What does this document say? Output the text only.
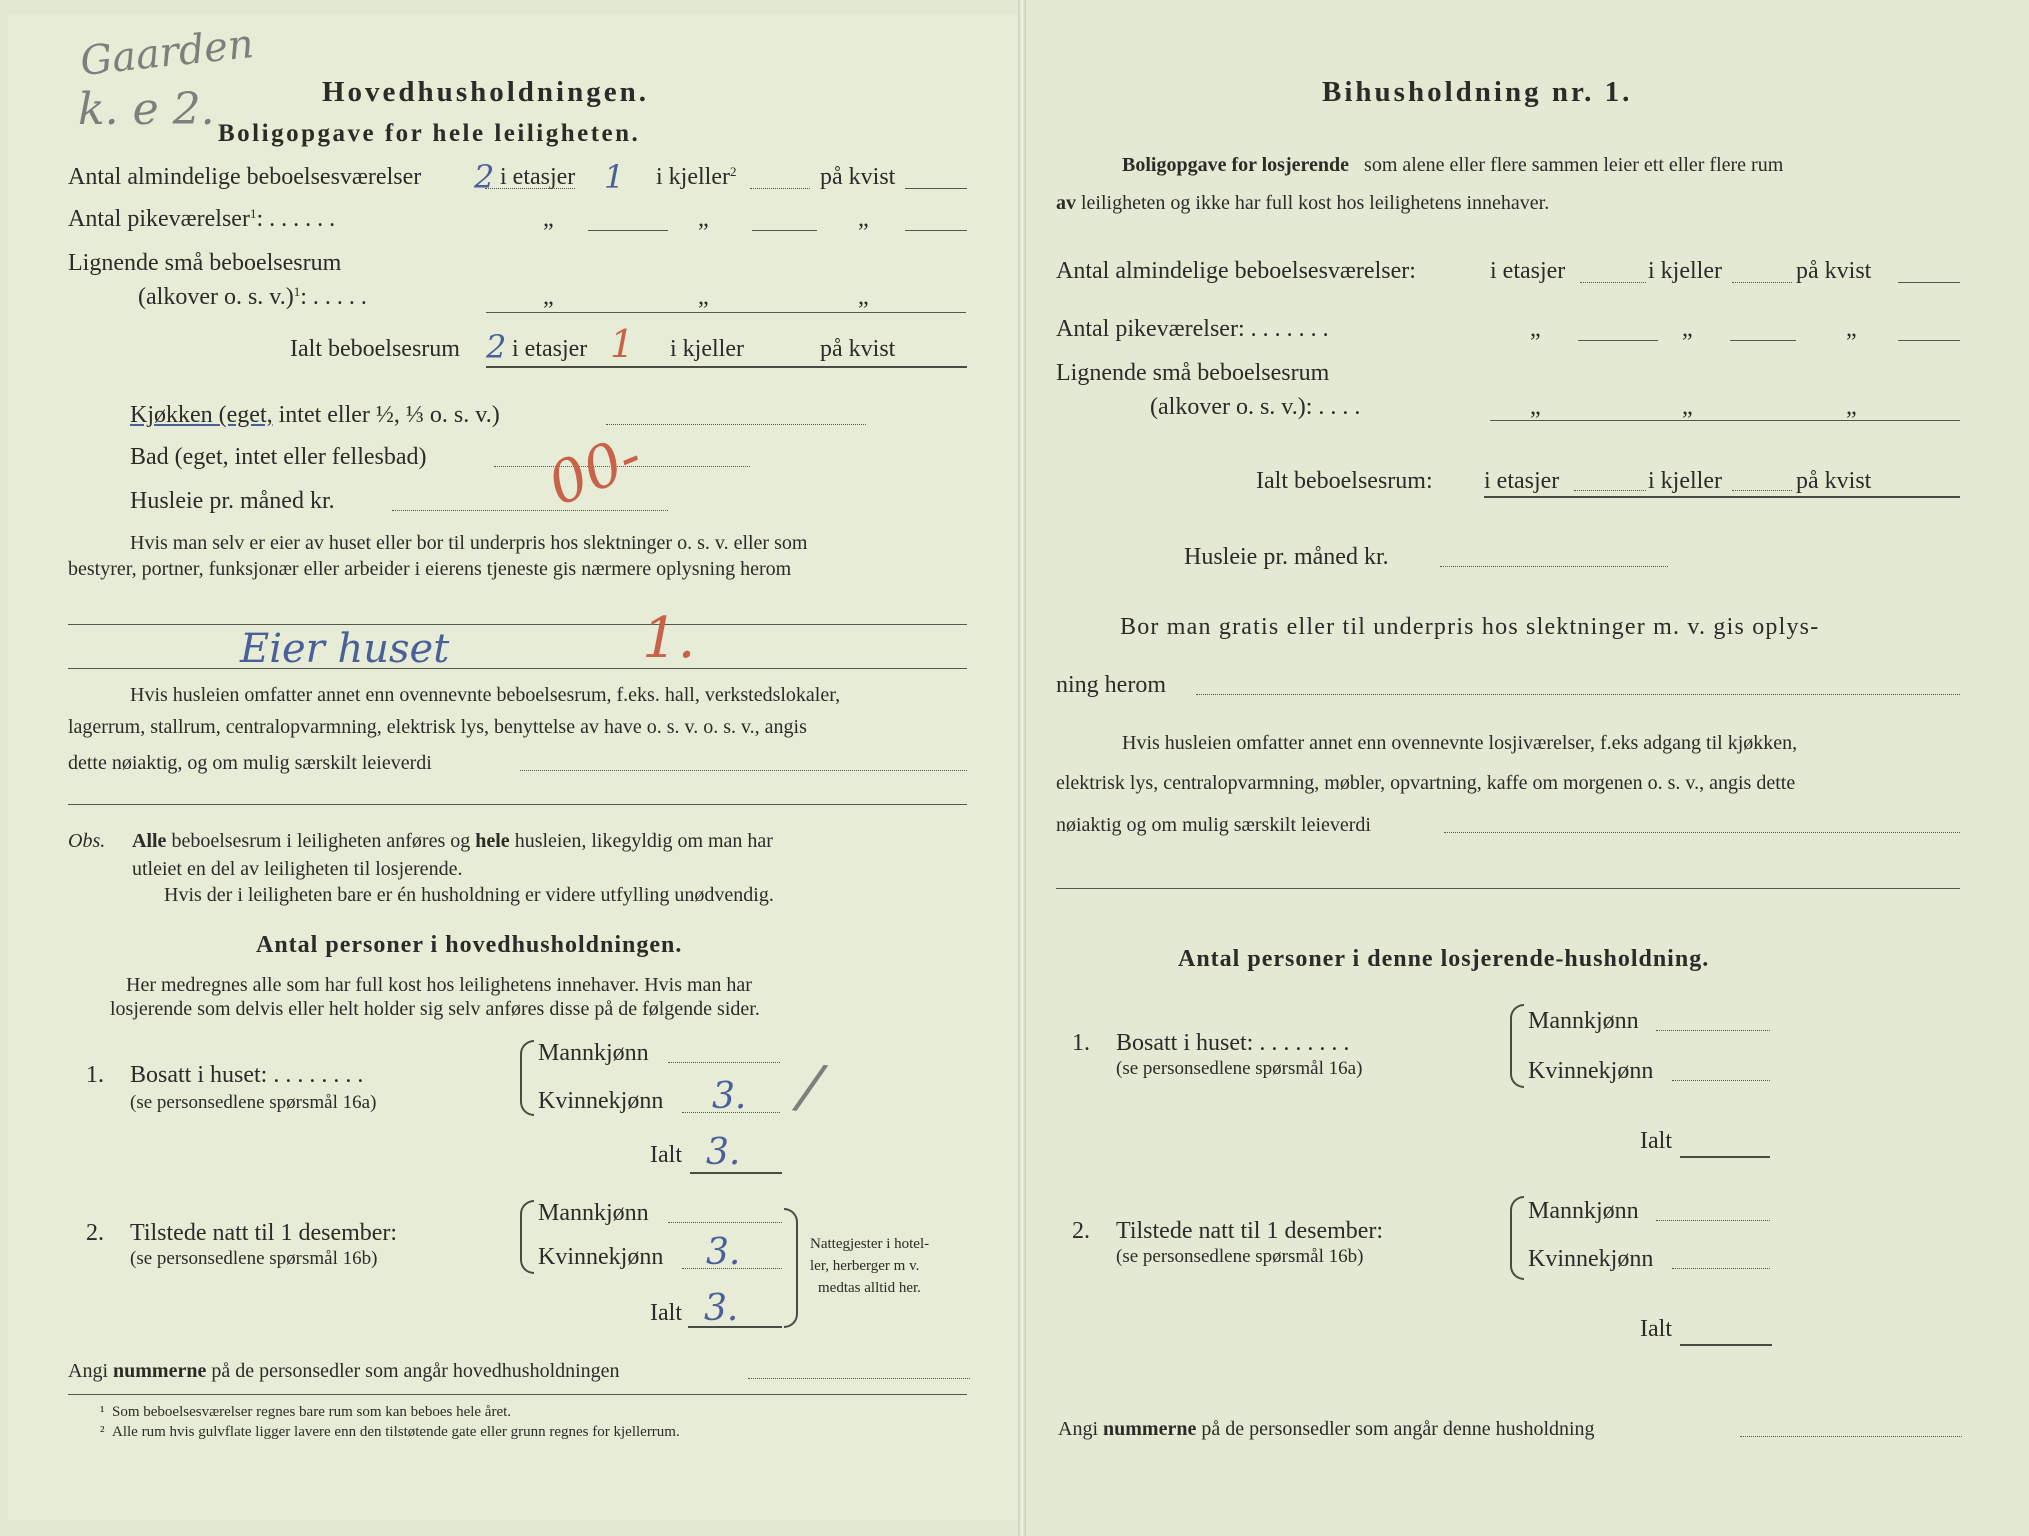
Gaarden
k. e 2.	Hovedhusholdningen.
Boligopgave for hele leiligheten.
Antal almindelige beboelsesværelser 2 i etasjer 1 i kjeller$^2$	på kvist
Antal pikeværelser$^1$: . . . . . .	„	„	„
Lignende små beboelsesrum
(alkover o. s. v.)$^1$: . . . . .	„	„	„
Ialt beboelsesrum 2 i etasjer 1 i kjeller	på kvist
Kjøkken (eget, intet eller ½, ⅓ o. s. v.)
Bad (eget, intet eller fellesbad)
Husleie pr. måned kr.	00-
Hvis man selv er eier av huset eller bor til underpris hos slektninger o. s. v. eller som
bestyrer, portner, funksjonær eller arbeider i eierens tjeneste gis nærmere oplysning herom
Eier huset	1.
Hvis husleien omfatter annet enn ovennevnte beboelsesrum, f.eks. hall, verkstedslokaler,
lagerrum, stallrum, centralopvarmning, elektrisk lys, benyttelse av have o. s. v. o. s. v., angis
dette nøiaktig, og om mulig særskilt leieverdi
Obs. Alle beboelsesrum i leiligheten anføres og hele husleien, likegyldig om man har
utleiet en del av leiligheten til losjerende.
Hvis der i leiligheten bare er én husholdning er videre utfylling unødvendig.
Antal personer i hovedhusholdningen.
Her medregnes alle som har full kost hos leilighetens innehaver. Hvis man har
losjerende som delvis eller helt holder sig selv anføres disse på de følgende sider.
1. Bosatt i huset: . . . . . . . .
(se personsedlene spørsmål 16a)
Mannkjønn
Kvinnekjønn 3.
Ialt 3.
/
2. Tilstede natt til 1 desember:
(se personsedlene spørsmål 16b)
Mannkjønn
Kvinnekjønn 3.
Ialt 3.
Nattegjester i hotel-
ler, herberger m v.
medtas alltid her.
Angi nummerne på de personsedler som angår hovedhusholdningen
¹ Som beboelsesværelser regnes bare rum som kan beboes hele året.
² Alle rum hvis gulvflate ligger lavere enn den tilstøtende gate eller grunn regnes for kjellerrum.
Bihusholdning nr. 1.
Boligopgave for losjerende som alene eller flere sammen leier ett eller flere rum
av leiligheten og ikke har full kost hos leilighetens innehaver.
Antal almindelige beboelsesværelser:	i etasjer	i kjeller	på kvist
Antal pikeværelser: . . . . . . .	„	„	„
Lignende små beboelsesrum
(alkover o. s. v.): . . . .	„	„	„
Ialt beboelsesrum: i etasjer	i kjeller	på kvist
Husleie pr. måned kr.
Bor man gratis eller til underpris hos slektninger m. v. gis oplys-
ning herom
Hvis husleien omfatter annet enn ovennevnte losjiværelser, f.eks adgang til kjøkken,
elektrisk lys, centralopvarmning, møbler, opvartning, kaffe om morgenen o. s. v., angis dette
nøiaktig og om mulig særskilt leieverdi
Antal personer i denne losjerende-husholdning.
1. Bosatt i huset: . . . . . . . .
(se personsedlene spørsmål 16a)
Mannkjønn
Kvinnekjønn
Ialt
2. Tilstede natt til 1 desember:
(se personsedlene spørsmål 16b)
Mannkjønn
Kvinnekjønn
Ialt
Angi nummerne på de personsedler som angår denne husholdning
